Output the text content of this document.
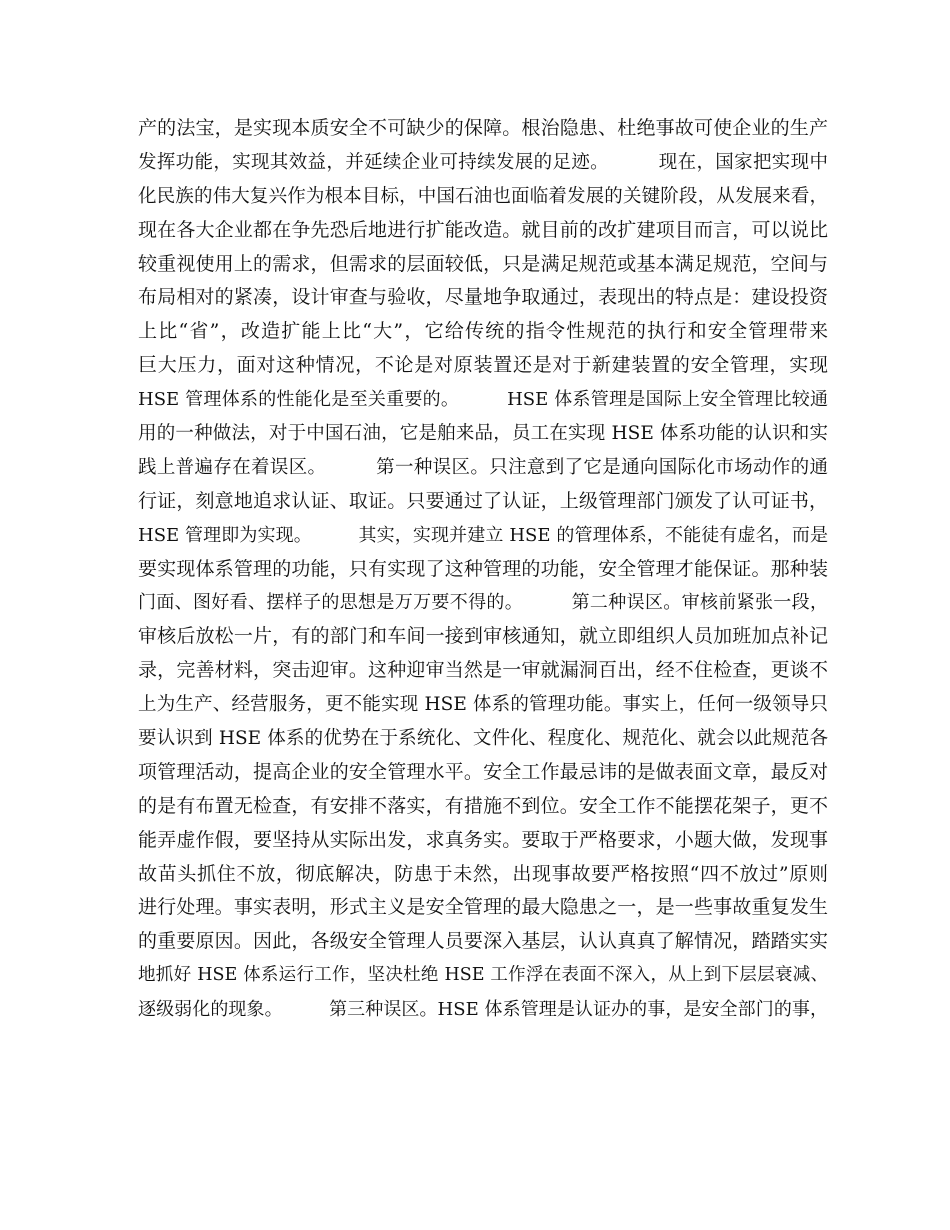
产的法宝，是实现本质安全不可缺少的保障。根治隐患、杜绝事故可使企业的生产
发挥功能，实现其效益，并延续企业可持续发展的足迹。        现在，国家把实现中
化民族的伟大复兴作为根本目标，中国石油也面临着发展的关键阶段，从发展来看，
现在各大企业都在争先恐后地进行扩能改造。就目前的改扩建项目而言，可以说比
较重视使用上的需求，但需求的层面较低，只是满足规范或基本满足规范，空间与
布局相对的紧凑，设计审查与验收，尽量地争取通过，表现出的特点是：建设投资
上比“省”，改造扩能上比“大”，它给传统的指令性规范的执行和安全管理带来
巨大压力，面对这种情况，不论是对原装置还是对于新建装置的安全管理，实现
HSE 管理体系的性能化是至关重要的。        HSE 体系管理是国际上安全管理比较通
用的一种做法，对于中国石油，它是舶来品，员工在实现 HSE 体系功能的认识和实
践上普遍存在着误区。        第一种误区。只注意到了它是通向国际化市场动作的通
行证，刻意地追求认证、取证。只要通过了认证，上级管理部门颁发了认可证书，
HSE 管理即为实现。        其实，实现并建立 HSE 的管理体系，不能徒有虚名，而是
要实现体系管理的功能，只有实现了这种管理的功能，安全管理才能保证。那种装
门面、图好看、摆样子的思想是万万要不得的。        第二种误区。审核前紧张一段，
审核后放松一片，有的部门和车间一接到审核通知，就立即组织人员加班加点补记
录，完善材料，突击迎审。这种迎审当然是一审就漏洞百出，经不住检查，更谈不
上为生产、经营服务，更不能实现 HSE 体系的管理功能。事实上，任何一级领导只
要认识到 HSE 体系的优势在于系统化、文件化、程度化、规范化、就会以此规范各
项管理活动，提高企业的安全管理水平。安全工作最忌讳的是做表面文章，最反对
的是有布置无检查，有安排不落实，有措施不到位。安全工作不能摆花架子，更不
能弄虚作假，要坚持从实际出发，求真务实。要取于严格要求，小题大做，发现事
故苗头抓住不放，彻底解决，防患于未然，出现事故要严格按照“四不放过”原则
进行处理。事实表明，形式主义是安全管理的最大隐患之一，是一些事故重复发生
的重要原因。因此，各级安全管理人员要深入基层，认认真真了解情况，踏踏实实
地抓好 HSE 体系运行工作，坚决杜绝 HSE 工作浮在表面不深入，从上到下层层衰减、
逐级弱化的现象。        第三种误区。HSE 体系管理是认证办的事，是安全部门的事，
